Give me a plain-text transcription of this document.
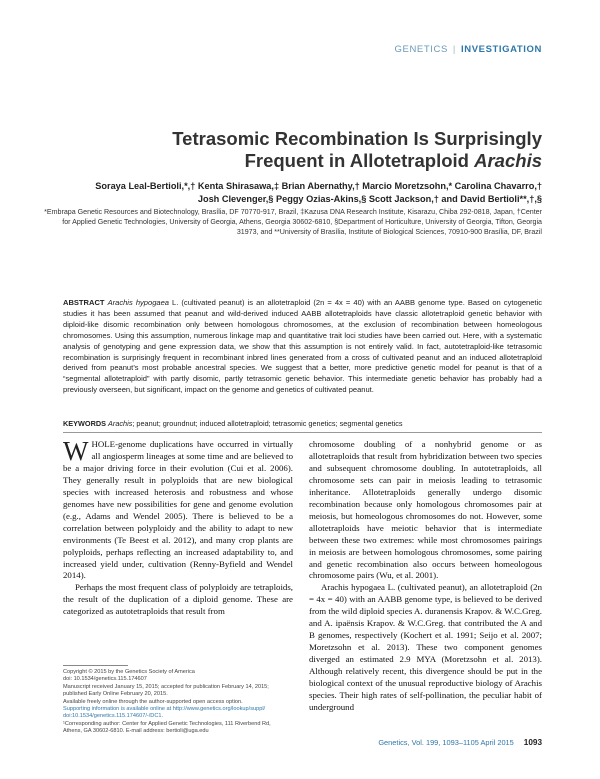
GENETICS | INVESTIGATION
Tetrasomic Recombination Is Surprisingly
Frequent in Allotetraploid Arachis
Soraya Leal-Bertioli,*,† Kenta Shirasawa,‡ Brian Abernathy,† Marcio Moretzsohn,* Carolina Chavarro,†
Josh Clevenger,§ Peggy Ozias-Akins,§ Scott Jackson,† and David Bertioli**,†,§
*Embrapa Genetic Resources and Biotechnology, Brasília, DF 70770-917, Brazil, ‡Kazusa DNA Research Institute, Kisarazu, Chiba 292-0818, Japan, †Center for Applied Genetic Technologies, University of Georgia, Athens, Georgia 30602-6810, §Department of Horticulture, University of Georgia, Tifton, Georgia 31973, and **University of Brasília, Institute of Biological Sciences, 70910-900 Brasília, DF, Brazil
ABSTRACT Arachis hypogaea L. (cultivated peanut) is an allotetraploid (2n = 4x = 40) with an AABB genome type. Based on cytogenetic studies it has been assumed that peanut and wild-derived induced AABB allotetraploids have classic allotetraploid genetic behavior with diploid-like disomic recombination only between homologous chromosomes, at the exclusion of recombination between homeologous chromosomes. Using this assumption, numerous linkage map and quantitative trait loci studies have been carried out. Here, with a systematic analysis of genotyping and gene expression data, we show that this assumption is not entirely valid. In fact, autotetraploid-like tetrasomic recombination is surprisingly frequent in recombinant inbred lines generated from a cross of cultivated peanut and an induced allotetraploid derived from peanut’s most probable ancestral species. We suggest that a better, more predictive genetic model for peanut is that of a “segmental allotetraploid” with partly disomic, partly tetrasomic genetic behavior. This intermediate genetic behavior has probably had a previously overseen, but significant, impact on the genome and genetics of cultivated peanut.
KEYWORDS Arachis; peanut; groundnut; induced allotetraploid; tetrasomic genetics; segmental genetics

WHOLE-genome duplications have occurred in virtually all angiosperm lineages at some time and are believed to be a major driving force in their evolution (Cui et al. 2006). They generally result in polyploids that are new biological species with increased heterosis and robustness and whose genomes have new possibilities for gene and genome evolution (e.g., Adams and Wendel 2005). There is believed to be a correlation between polyploidy and the ability to adapt to new environments (Te Beest et al. 2012), and many crop plants are polyploids, perhaps reflecting an increased adaptability to, and increased yield under, cultivation (Renny-Byfield and Wendel 2014).

Perhaps the most frequent class of polyploidy are tetraploids, the result of the duplication of a diploid genome. These are categorized as autotetraploids that result from

chromosome doubling of a nonhybrid genome or as allotetraploids that result from hybridization between two species and subsequent chromosome doubling. In autotetraploids, all chromosome sets can pair in meiosis leading to tetrasomic inheritance. Allotetraploids generally undergo disomic recombination because only homologous chromosomes pair at meiosis, but homeologous chromosomes do not. However, some allotetraploids have meiotic behavior that is intermediate between these two extremes: while most chromosomes pairings in meiosis are between homologous chromosomes, some pairing and genetic recombination also occurs between homeologous chromosome pairs (Wu, et al. 2001).

Arachis hypogaea L. (cultivated peanut), an allotetraploid (2n = 4x = 40) with an AABB genome type, is believed to be derived from the wild diploid species A. duranensis Krapov. & W.C.Greg. and A. ipaënsis Krapov. & W.C.Greg. that contributed the A and B genomes, respectively (Kochert et al. 1991; Seijo et al. 2007; Moretzsohn et al. 2013). These two component genomes diverged an estimated 2.9 MYA (Moretzsohn et al. 2013). Although relatively recent, this divergence should be put in the biological context of the unusual reproductive biology of Arachis species. Their high rates of self-pollination, the peculiar habit of underground

Copyright © 2015 by the Genetics Society of America
doi: 10.1534/genetics.115.174607
Manuscript received January 15, 2015; accepted for publication February 14, 2015;
published Early Online February 20, 2015.
Available freely online through the author-supported open access option.
Supporting information is available online at http://www.genetics.org/lookup/suppl/
doi:10.1534/genetics.115.174607/-/DC1.
¹Corresponding author: Center for Applied Genetic Technologies, 111 Riverbend Rd,
Athens, GA 30602-6810. E-mail address: bertioli@uga.edu
Genetics, Vol. 199, 1093–1105 April 2015 1093
